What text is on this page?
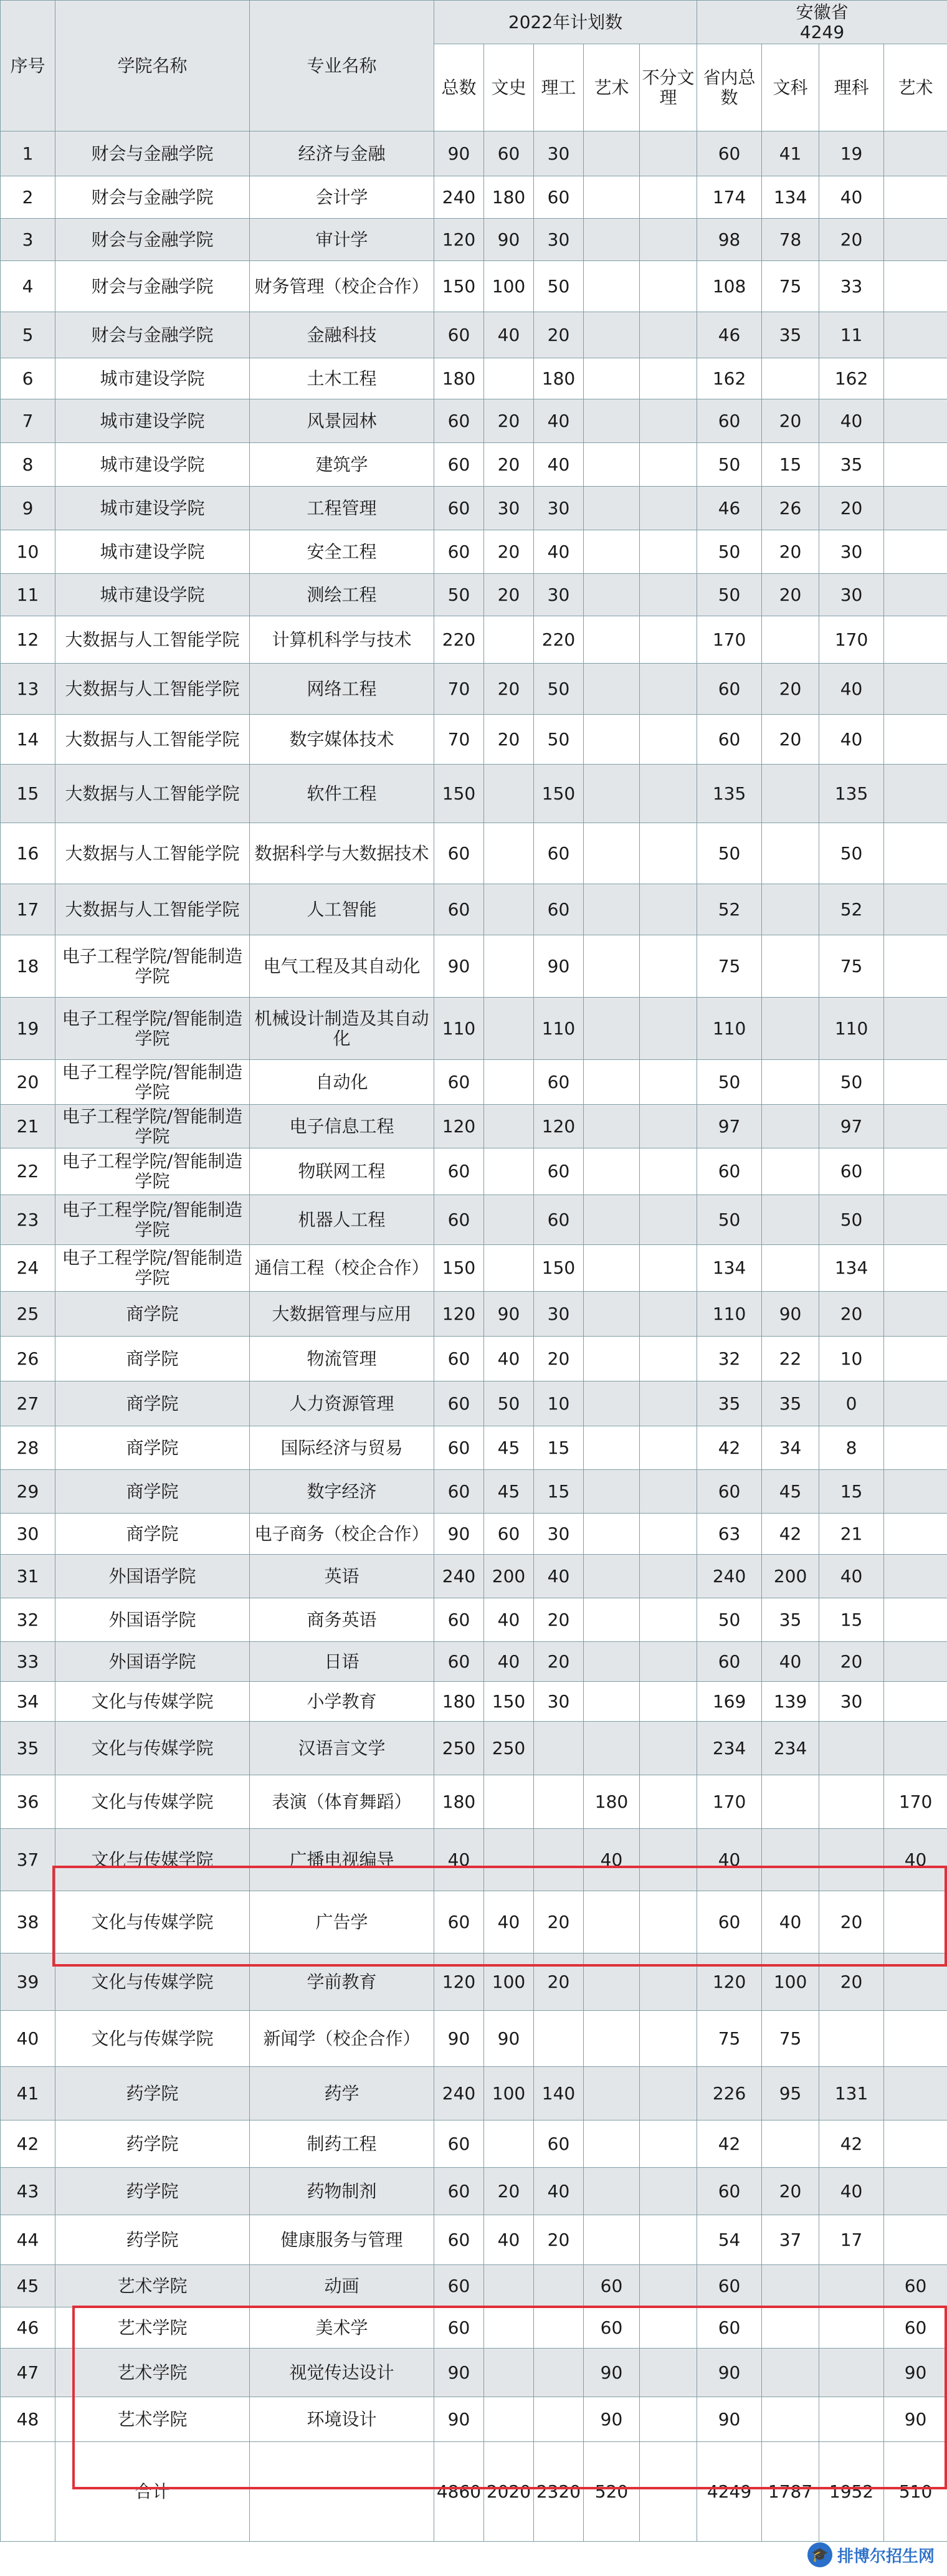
序号	学院名称	专业名称	2022年计划数					安徽省
4249			

			总数	文史	理工	艺术	不分文理	省内总数	文科	理科	艺术
1	财会与金融学院	经济与金融	90	60	30			60	41	19	
2	财会与金融学院	会计学	240	180	60			174	134	40	
3	财会与金融学院	审计学	120	90	30			98	78	20	
4	财会与金融学院	财务管理（校企合作）	150	100	50			108	75	33	
5	财会与金融学院	金融科技	60	40	20			46	35	11	
6	城市建设学院	土木工程	180		180			162		162	
7	城市建设学院	风景园林	60	20	40			60	20	40	
8	城市建设学院	建筑学	60	20	40			50	15	35	
9	城市建设学院	工程管理	60	30	30			46	26	20	
10	城市建设学院	安全工程	60	20	40			50	20	30	
11	城市建设学院	测绘工程	50	20	30			50	20	30	
12	大数据与人工智能学院	计算机科学与技术	220		220			170		170	
13	大数据与人工智能学院	网络工程	70	20	50			60	20	40	
14	大数据与人工智能学院	数字媒体技术	70	20	50			60	20	40	
15	大数据与人工智能学院	软件工程	150		150			135		135	
16	大数据与人工智能学院	数据科学与大数据技术	60		60			50		50	
17	大数据与人工智能学院	人工智能	60		60			52		52	
18	电子工程学院/智能制造学院	电气工程及其自动化	90		90			75		75	
19	电子工程学院/智能制造学院	机械设计制造及其自动化	110		110			110		110	
20	电子工程学院/智能制造学院	自动化	60		60			50		50	
21	电子工程学院/智能制造学院	电子信息工程	120		120			97		97	
22	电子工程学院/智能制造学院	物联网工程	60		60			60		60	
23	电子工程学院/智能制造学院	机器人工程	60		60			50		50	
24	电子工程学院/智能制造学院	通信工程（校企合作）	150		150			134		134	
25	商学院	大数据管理与应用	120	90	30			110	90	20	
26	商学院	物流管理	60	40	20			32	22	10	
27	商学院	人力资源管理	60	50	10			35	35	0	
28	商学院	国际经济与贸易	60	45	15			42	34	8	
29	商学院	数字经济	60	45	15			60	45	15	
30	商学院	电子商务（校企合作）	90	60	30			63	42	21	
31	外国语学院	英语	240	200	40			240	200	40	
32	外国语学院	商务英语	60	40	20			50	35	15	
33	外国语学院	日语	60	40	20			60	40	20	
34	文化与传媒学院	小学教育	180	150	30			169	139	30	
35	文化与传媒学院	汉语言文学	250	250				234	234		
36	文化与传媒学院	表演（体育舞蹈）	180			180		170			170
37	文化与传媒学院	广播电视编导	40			40		40			40
38	文化与传媒学院	广告学	60	40	20			60	40	20	
39	文化与传媒学院	学前教育	120	100	20			120	100	20	
40	文化与传媒学院	新闻学（校企合作）	90	90				75	75		
41	药学院	药学	240	100	140			226	95	131	
42	药学院	制药工程	60		60			42		42	
43	药学院	药物制剂	60	20	40			60	20	40	
44	药学院	健康服务与管理	60	40	20			54	37	17	
45	艺术学院	动画	60			60		60			60
46	艺术学院	美术学	60			60		60			60
47	艺术学院	视觉传达设计	90			90		90			90
48	艺术学院	环境设计	90			90		90			90
	合计		4860	2020	2320	520		4249	1787	1952	510
🎓 排博尔招生网
